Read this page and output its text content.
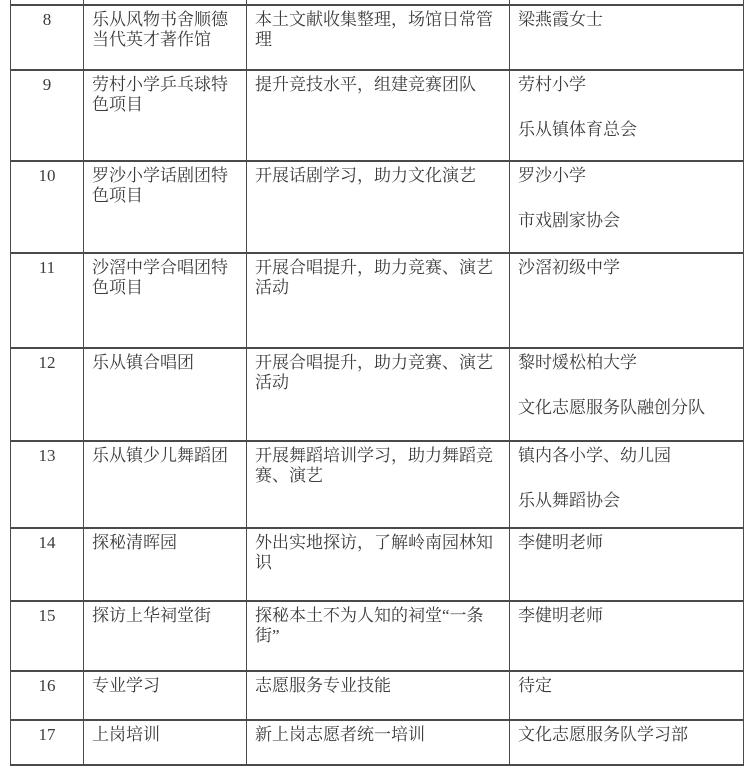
8	乐从风物书舍顺德当代英才著作馆	本土文献收集整理，场馆日常管理	梁燕霞女士

9	劳村小学乒乓球特色项目	提升竞技水平，组建竞赛团队	劳村小学
乐从镇体育总会

10	罗沙小学话剧团特色项目	开展话剧学习，助力文化演艺	罗沙小学
市戏剧家协会

11	沙滘中学合唱团特色项目	开展合唱提升，助力竞赛、演艺活动	沙滘初级中学

12	乐从镇合唱团	开展合唱提升，助力竞赛、演艺活动	黎时煖松柏大学
文化志愿服务队融创分队

13	乐从镇少儿舞蹈团	开展舞蹈培训学习，助力舞蹈竞赛、演艺	镇内各小学、幼儿园
乐从舞蹈协会

14	探秘清晖园	外出实地探访，了解岭南园林知识	李健明老师

15	探访上华祠堂街	探秘本土不为人知的祠堂“一条街”	李健明老师

16	专业学习	志愿服务专业技能	待定

17	上岗培训	新上岗志愿者统一培训	文化志愿服务队学习部
